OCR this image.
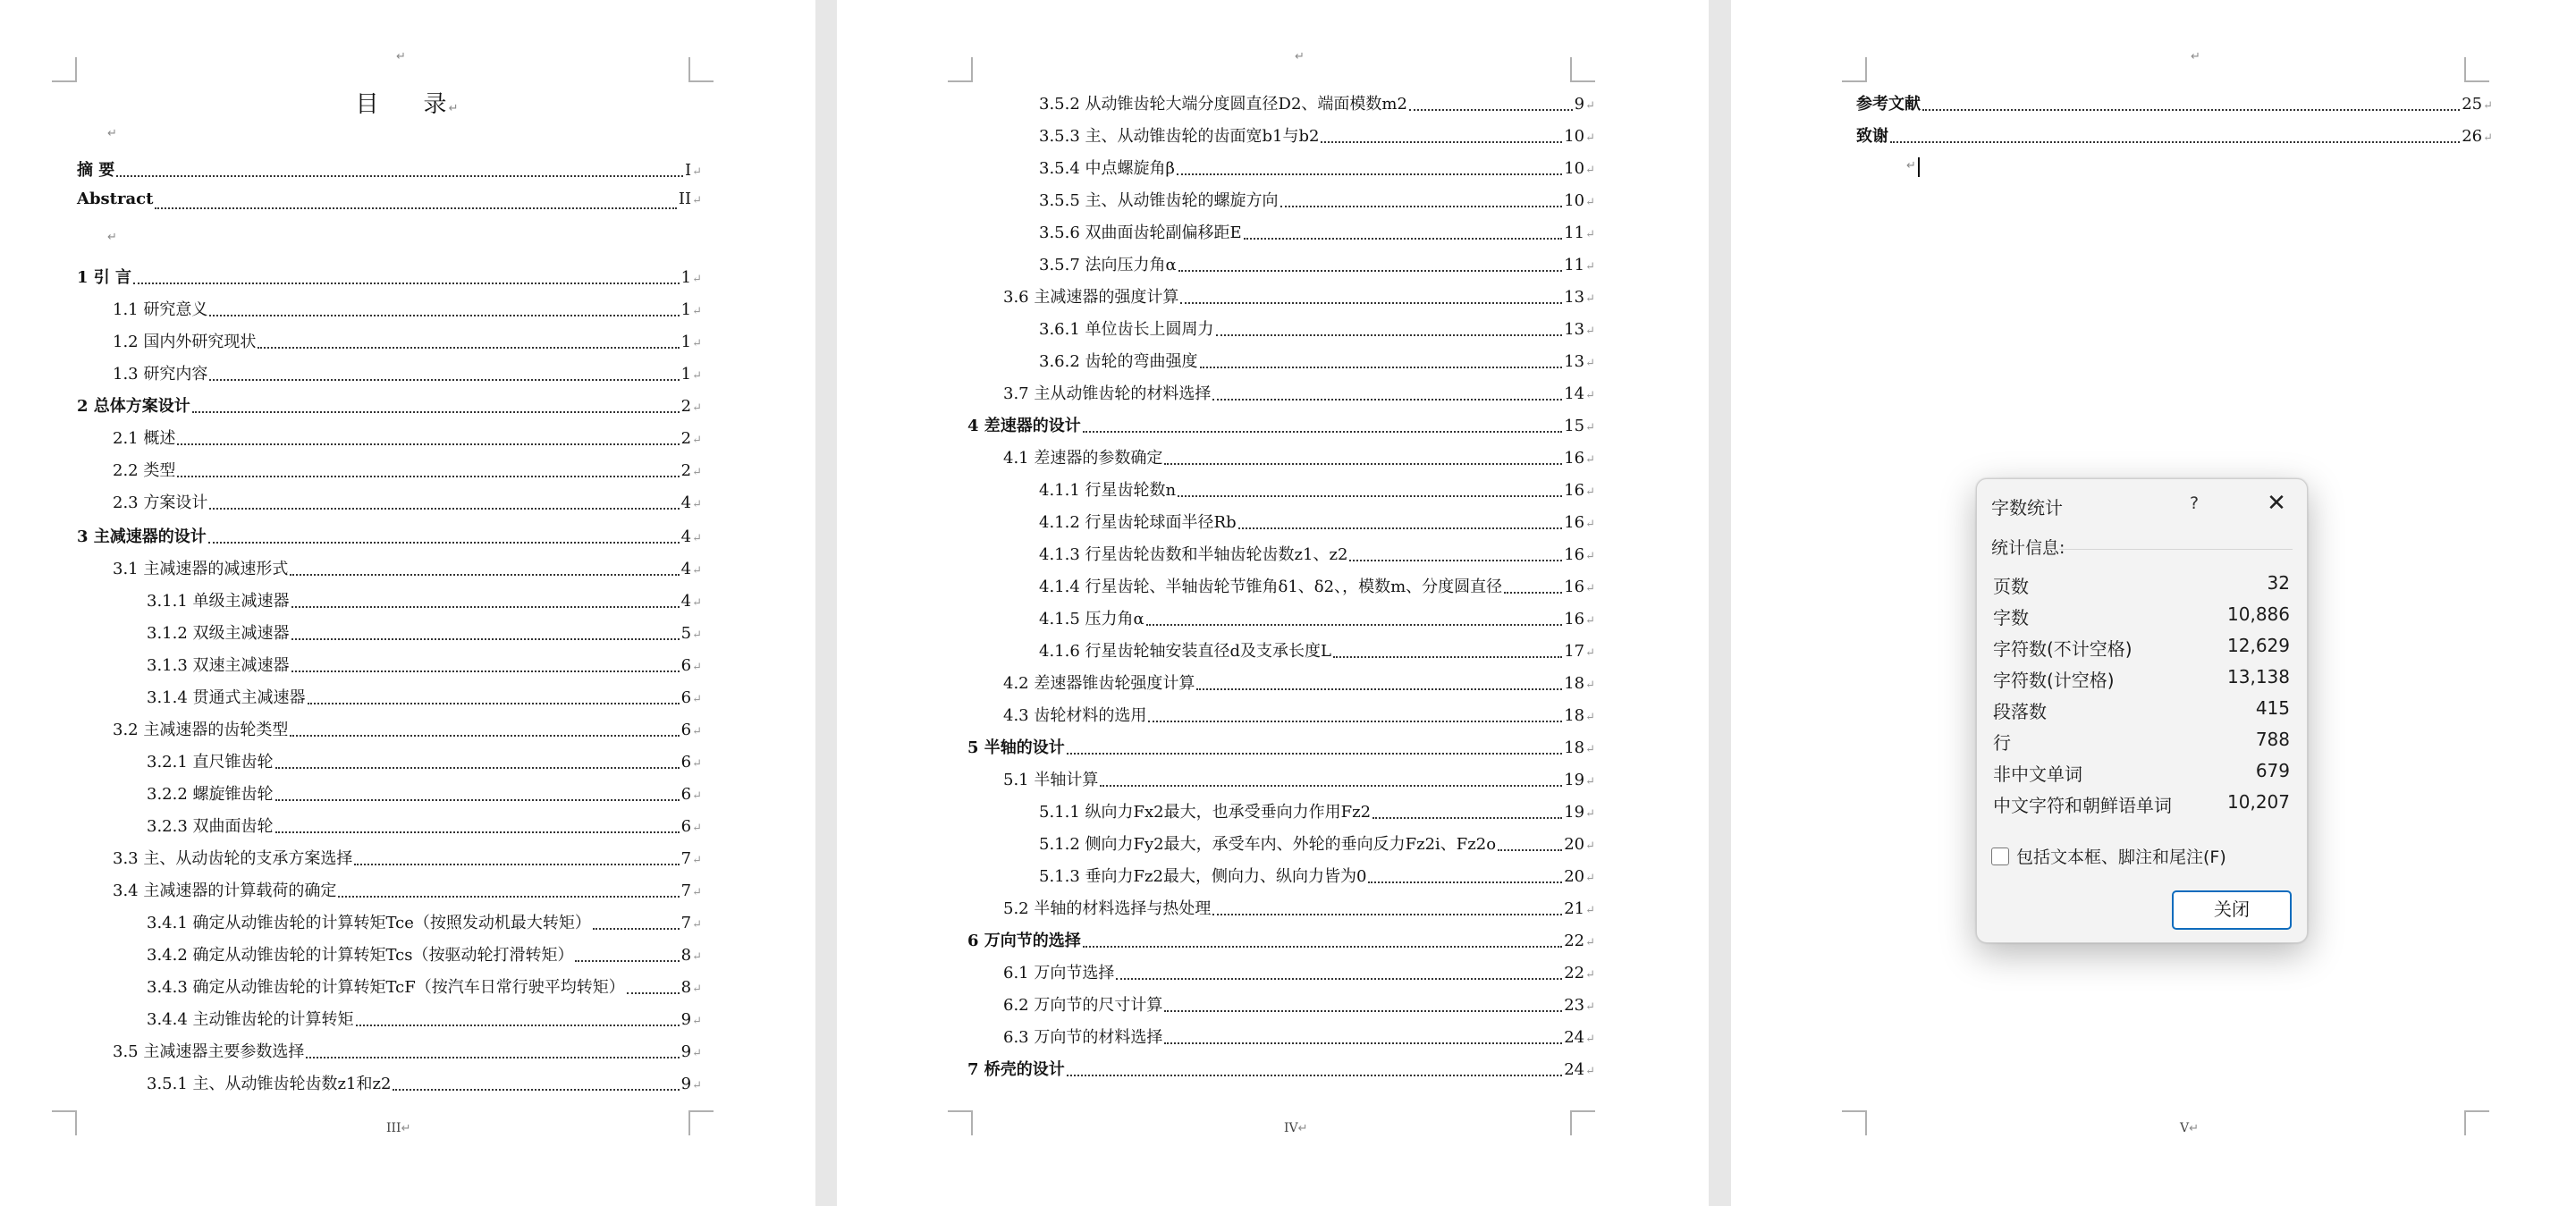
↵
目 录↵
↵
↵
摘 要	I ↵
Abstract	II ↵
1 引 言	1 ↵
1.1 研究意义	1 ↵
1.2 国内外研究现状	1 ↵
1.3 研究内容	1 ↵
2 总体方案设计	2 ↵
2.1 概述	2 ↵
2.2 类型	2 ↵
2.3 方案设计	4 ↵
3 主减速器的设计	4 ↵
3.1 主减速器的减速形式	4 ↵
3.1.1 单级主减速器	4 ↵
3.1.2 双级主减速器	5 ↵
3.1.3 双速主减速器	6 ↵
3.1.4 贯通式主减速器	6 ↵
3.2 主减速器的齿轮类型	6 ↵
3.2.1 直尺锥齿轮	6 ↵
3.2.2 螺旋锥齿轮	6 ↵
3.2.3 双曲面齿轮	6 ↵
3.3 主、从动齿轮的支承方案选择	7 ↵
3.4 主减速器的计算载荷的确定	7 ↵
3.4.1 确定从动锥齿轮的计算转矩Tce（按照发动机最大转矩）	7 ↵
3.4.2 确定从动锥齿轮的计算转矩Tcs（按驱动轮打滑转矩）	8 ↵
3.4.3 确定从动锥齿轮的计算转矩TcF（按汽车日常行驶平均转矩）	8 ↵
3.4.4 主动锥齿轮的计算转矩	9 ↵
3.5 主减速器主要参数选择	9 ↵
3.5.1 主、从动锥齿轮齿数z1和z2	9 ↵
III↵
↵
3.5.2 从动锥齿轮大端分度圆直径D2、端面模数m2	9 ↵
3.5.3 主、从动锥齿轮的齿面宽b1与b2	10 ↵
3.5.4 中点螺旋角β	10 ↵
3.5.5 主、从动锥齿轮的螺旋方向	10 ↵
3.5.6 双曲面齿轮副偏移距E	11 ↵
3.5.7 法向压力角α	11 ↵
3.6 主减速器的强度计算	13 ↵
3.6.1 单位齿长上圆周力	13 ↵
3.6.2 齿轮的弯曲强度	13 ↵
3.7 主从动锥齿轮的材料选择	14 ↵
4 差速器的设计	15 ↵
4.1 差速器的参数确定	16 ↵
4.1.1 行星齿轮数n	16 ↵
4.1.2 行星齿轮球面半径Rb	16 ↵
4.1.3 行星齿轮齿数和半轴齿轮齿数z1、z2	16 ↵
4.1.4 行星齿轮、半轴齿轮节锥角δ1、δ2、，模数m、分度圆直径	16 ↵
4.1.5 压力角α	16 ↵
4.1.6 行星齿轮轴安装直径d及支承长度L	17 ↵
4.2 差速器锥齿轮强度计算	18 ↵
4.3 齿轮材料的选用	18 ↵
5 半轴的设计	18 ↵
5.1 半轴计算	19 ↵
5.1.1 纵向力Fx2最大，也承受垂向力作用Fz2	19 ↵
5.1.2 侧向力Fy2最大，承受车内、外轮的垂向反力Fz2i、Fz2o	20 ↵
5.1.3 垂向力Fz2最大，侧向力、纵向力皆为0	20 ↵
5.2 半轴的材料选择与热处理	21 ↵
6 万向节的选择	22 ↵
6.1 万向节选择	22 ↵
6.2 万向节的尺寸计算	23 ↵
6.3 万向节的材料选择	24 ↵
7 桥壳的设计	24 ↵
IV↵
↵
参考文献	25 ↵
致谢	26 ↵
↵
V↵
字数统计	?	✕
统计信息:
页数	32
字数	10,886
字符数(不计空格)	12,629
字符数(计空格)	13,138
段落数	415
行	788
非中文单词	679
中文字符和朝鲜语单词	10,207
包括文本框、脚注和尾注(F)
关闭
